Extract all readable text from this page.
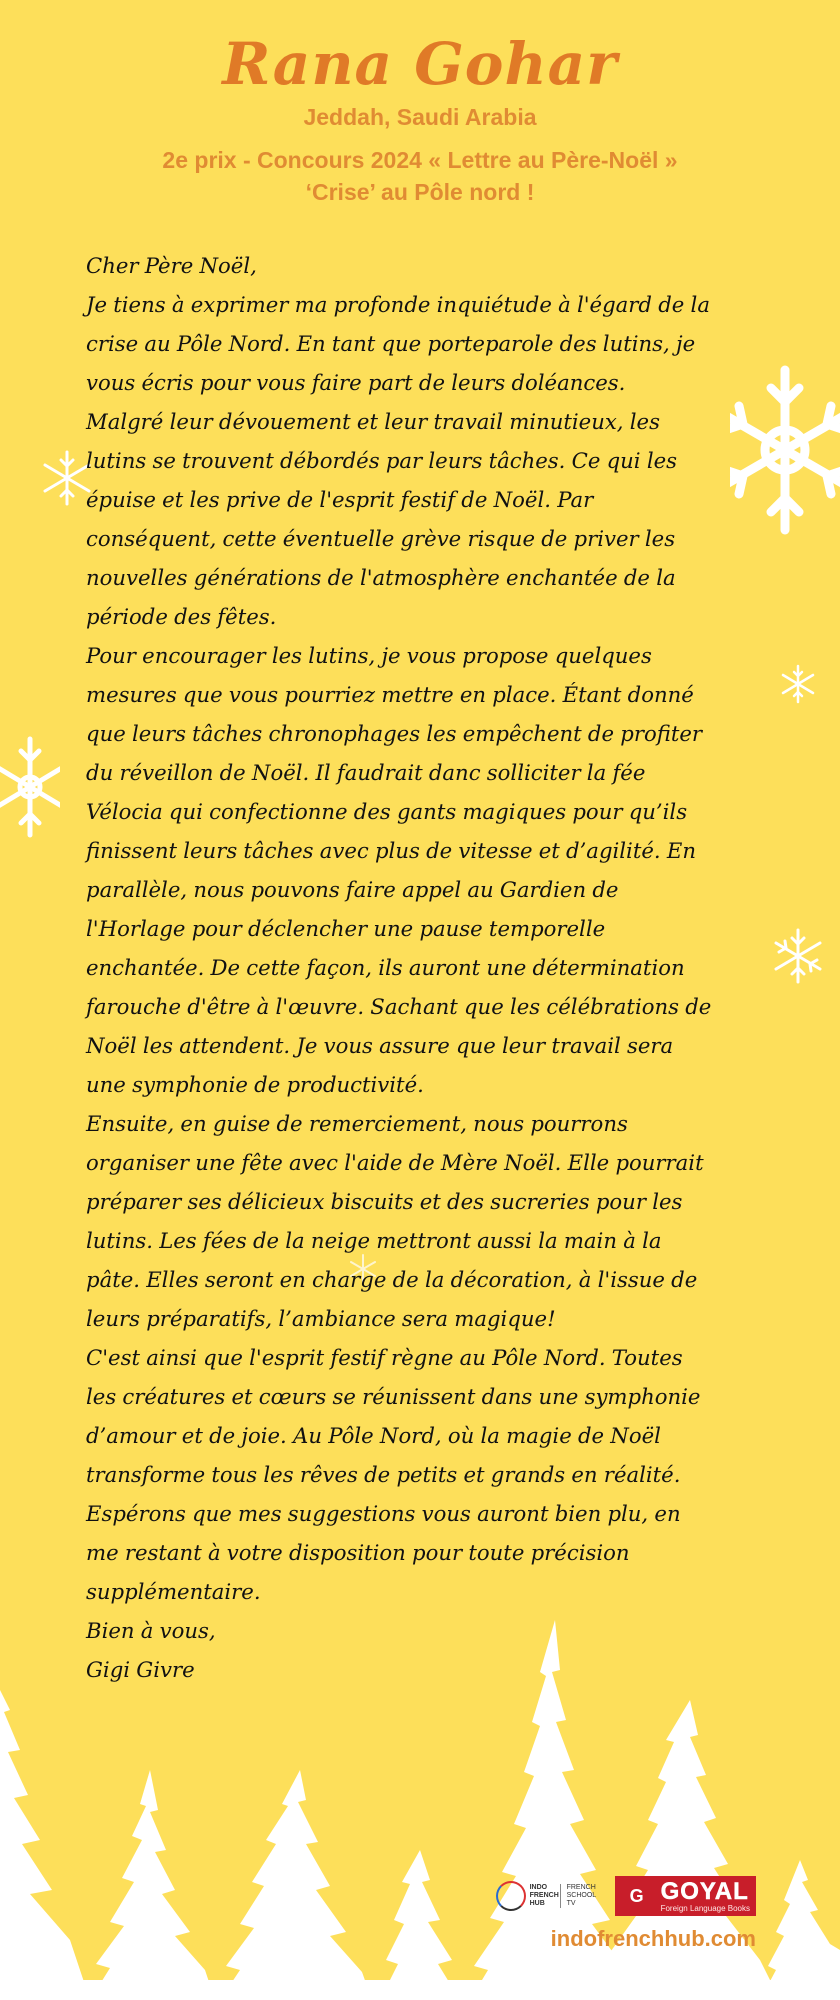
Rana Gohar
Jeddah, Saudi Arabia
2e prix - Concours 2024 « Lettre au Père-Noël »
‘Crise’ au Pôle nord !

Cher Père Noël,

Je tiens à exprimer ma profonde inquiétude à l'égard de la

crise au Pôle Nord. En tant que porteparole des lutins, je

vous écris pour vous faire part de leurs doléances.

Malgré leur dévouement et leur travail minutieux, les

lutins se trouvent débordés par leurs tâches. Ce qui les

épuise et les prive de l'esprit festif de Noël. Par

conséquent, cette éventuelle grève risque de priver les

nouvelles générations de l'atmosphère enchantée de la

période des fêtes.

Pour encourager les lutins, je vous propose quelques

mesures que vous pourriez mettre en place. Étant donné

que leurs tâches chronophages les empêchent de profiter

du réveillon de Noël. Il faudrait danc solliciter la fée

Vélocia qui confectionne des gants magiques pour qu’ils

finissent leurs tâches avec plus de vitesse et d’agilité. En

parallèle, nous pouvons faire appel au Gardien de

l'Horlage pour déclencher une pause temporelle

enchantée. De cette façon, ils auront une détermination

farouche d'être à l'œuvre. Sachant que les célébrations de

Noël les attendent. Je vous assure que leur travail sera

une symphonie de productivité.

Ensuite, en guise de remerciement, nous pourrons

organiser une fête avec l'aide de Mère Noël. Elle pourrait

préparer ses délicieux biscuits et des sucreries pour les

lutins. Les fées de la neige mettront aussi la main à la

pâte. Elles seront en charge de la décoration, à l'issue de

leurs préparatifs, l’ambiance sera magique!

C'est ainsi que l'esprit festif règne au Pôle Nord. Toutes

les créatures et cœurs se réunissent dans une symphonie

d’amour et de joie. Au Pôle Nord, où la magie de Noël

transforme tous les rêves de petits et grands en réalité.

Espérons que mes suggestions vous auront bien plu, en

me restant à votre disposition pour toute précision

supplémentaire.

Bien à vous,

Gigi Givre

INDO FRENCH HUB
FRENCH SCHOOL TV	G GOYAL
Foreign Language Books
indofrenchhub.com
